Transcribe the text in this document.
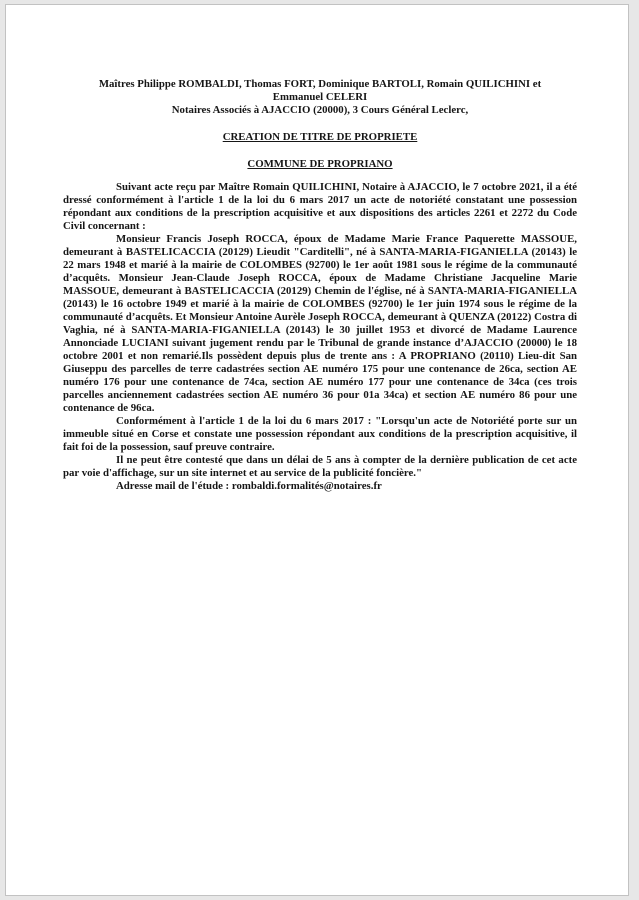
Maîtres Philippe ROMBALDI, Thomas FORT, Dominique BARTOLI, Romain QUILICHINI et
Emmanuel CELERI
Notaires Associés à AJACCIO (20000), 3 Cours Général Leclerc,
CREATION DE TITRE DE PROPRIETE
COMMUNE DE PROPRIANO

Suivant acte reçu par Maître Romain QUILICHINI, Notaire à AJACCIO, le 7 octobre 2021, il a été dressé conformément à l'article 1 de la loi du 6 mars 2017 un acte de notoriété constatant une possession répondant aux conditions de la prescription acquisitive et aux dispositions des articles 2261 et 2272 du Code Civil concernant :

Monsieur Francis Joseph ROCCA, époux de Madame Marie France Paquerette MASSOUE, demeurant à BASTELICACCIA (20129) Lieudit "Carditelli", né à SANTA-MARIA-FIGANIELLA (20143) le 22 mars 1948 et marié à la mairie de COLOMBES (92700) le 1er août 1981 sous le régime de la communauté d’acquêts. Monsieur Jean-Claude Joseph ROCCA, époux de Madame Christiane Jacqueline Marie MASSOUE, demeurant à BASTELICACCIA (20129) Chemin de l'église, né à SANTA-MARIA-FIGANIELLA (20143) le 16 octobre 1949 et marié à la mairie de COLOMBES (92700) le 1er juin 1974 sous le régime de la communauté d’acquêts. Et Monsieur Antoine Aurèle Joseph ROCCA, demeurant à QUENZA (20122) Costra di Vaghia, né à SANTA-MARIA-FIGANIELLA (20143) le 30 juillet 1953 et divorcé de Madame Laurence Annonciade LUCIANI suivant jugement rendu par le Tribunal de grande instance d’AJACCIO (20000) le 18 octobre 2001 et non remarié.Ils possèdent depuis plus de trente ans : A PROPRIANO (20110) Lieu-dit San Giuseppu des parcelles de terre cadastrées section AE numéro 175 pour une contenance de 26ca, section AE numéro 176 pour une contenance de 74ca, section AE numéro 177 pour une contenance de 34ca (ces trois parcelles anciennement cadastrées section AE numéro 36 pour 01a 34ca) et section AE numéro 86 pour une contenance de 96ca.

Conformément à l'article 1 de la loi du 6 mars 2017 : "Lorsqu'un acte de Notoriété porte sur un immeuble situé en Corse et constate une possession répondant aux conditions de la prescription acquisitive, il fait foi de la possession, sauf preuve contraire.

Il ne peut être contesté que dans un délai de 5 ans à compter de la dernière publication de cet acte par voie d'affichage, sur un site internet et au service de la publicité foncière."

Adresse mail de l'étude : rombaldi.formalités@notaires.fr
